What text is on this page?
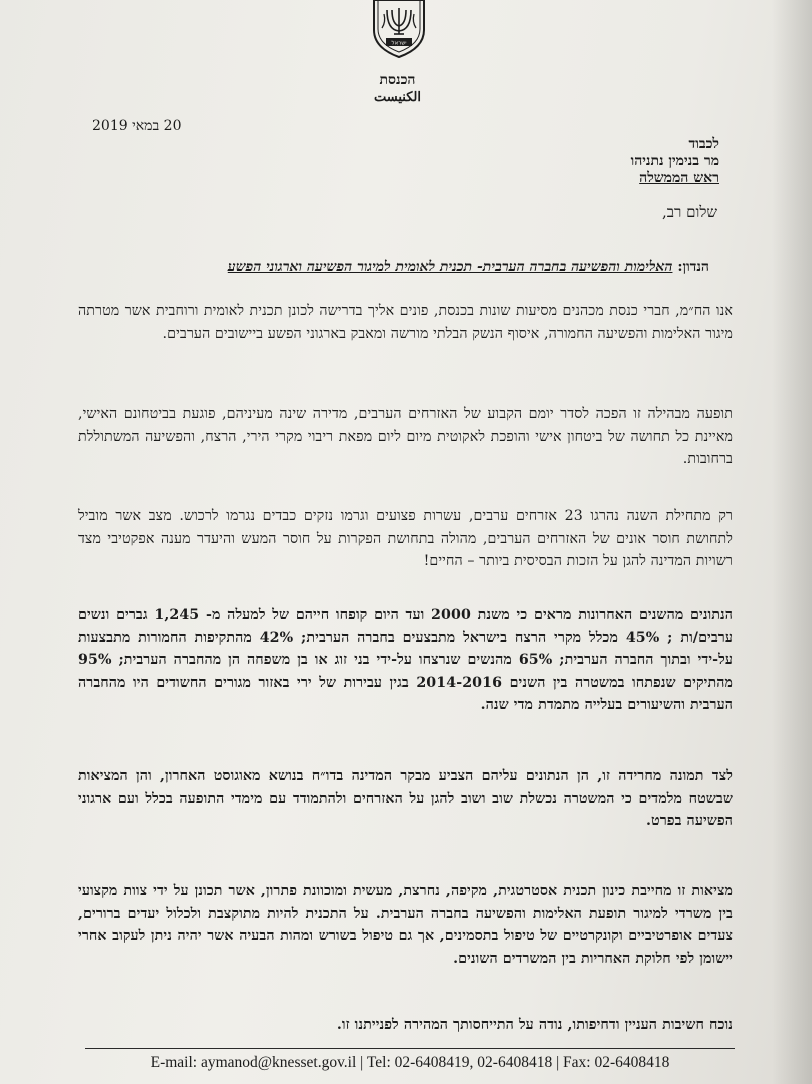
ישראל
הכנסת
الكنيست
20 במאי 2019
לכבוד
מר בנימין נתניהו
ראש הממשלה
שלום רב,
הנדון: האלימות והפשיעה בחברה הערבית- תכנית לאומית למיגור הפשיעה וארגוני הפשע
אנו הח״מ, חברי כנסת מכהנים מסיעות שונות בכנסת, פונים אליך בדרישה לכונן תכנית לאומית ורוחבית אשר מטרתה מיגור האלימות והפשיעה החמורה, איסוף הנשק הבלתי מורשה ומאבק בארגוני הפשע ביישובים הערבים.
תופעה מבהילה זו הפכה לסדר יומם הקבוע של האזרחים הערבים, מדירה שינה מעיניהם, פוגעת בביטחונם האישי, מאיינת כל תחושה של ביטחון אישי והופכת לאקוטית מיום ליום מפאת ריבוי מקרי הירי, הרצח, והפשיעה המשתוללת ברחובות.
רק מתחילת השנה נהרגו 23 אזרחים ערבים, עשרות פצועים וגרמו נזקים כבדים נגרמו לרכוש. מצב אשר מוביל לתחושת חוסר אונים של האזרחים הערבים, מהולה בתחושת הפקרות על חוסר המעש והיעדר מענה אפקטיבי מצד רשויות המדינה להגן על הזכות הבסיסית ביותר – החיים!
הנתונים מהשנים האחרונות מראים כי משנת 2000 ועד היום קופחו חייהם של למעלה מ- 1,245 גברים ונשים ערבים/ות ; 45% מכלל מקרי הרצח בישראל מתבצעים בחברה הערבית; 42% מהתקיפות החמורות מתבצעות על-ידי ובתוך החברה הערבית; 65% מהנשים שנרצחו על-ידי בני זוג או בן משפחה הן מהחברה הערבית; 95% מהתיקים שנפתחו במשטרה בין השנים 2014-2016 בגין עבירות של ירי באזור מגורים החשודים היו מהחברה הערבית והשיעורים בעלייה מתמדת מדי שנה.
לצד תמונה מחרידה זו, הן הנתונים עליהם הצביע מבקר המדינה בדו״ח בנושא מאוגוסט האחרון, והן המציאות שבשטח מלמדים כי המשטרה נכשלת שוב ושוב להגן על האזרחים ולהתמודד עם מימדי התופעה בכלל ועם ארגוני הפשיעה בפרט.
מציאות זו מחייבת כינון תכנית אסטרטגית, מקיפה, נחרצת, מעשית ומוכוונת פתרון, אשר תכונן על ידי צוות מקצועי בין משרדי למיגור תופעת האלימות והפשיעה בחברה הערבית. על התכנית להיות מתוקצבת ולכלול יעדים ברורים, צעדים אופרטיביים וקונקרטיים של טיפול בתסמינים, אך גם טיפול בשורש ומהות הבעיה אשר יהיה ניתן לעקוב אחרי יישומן לפי חלוקת האחריות בין המשרדים השונים.
נוכח חשיבות העניין ודחיפותו, נודה על התייחסותך המהירה לפנייתנו זו.
E-mail: aymanod@knesset.gov.il | Tel: 02-6408419, 02-6408418 | Fax: 02-6408418
